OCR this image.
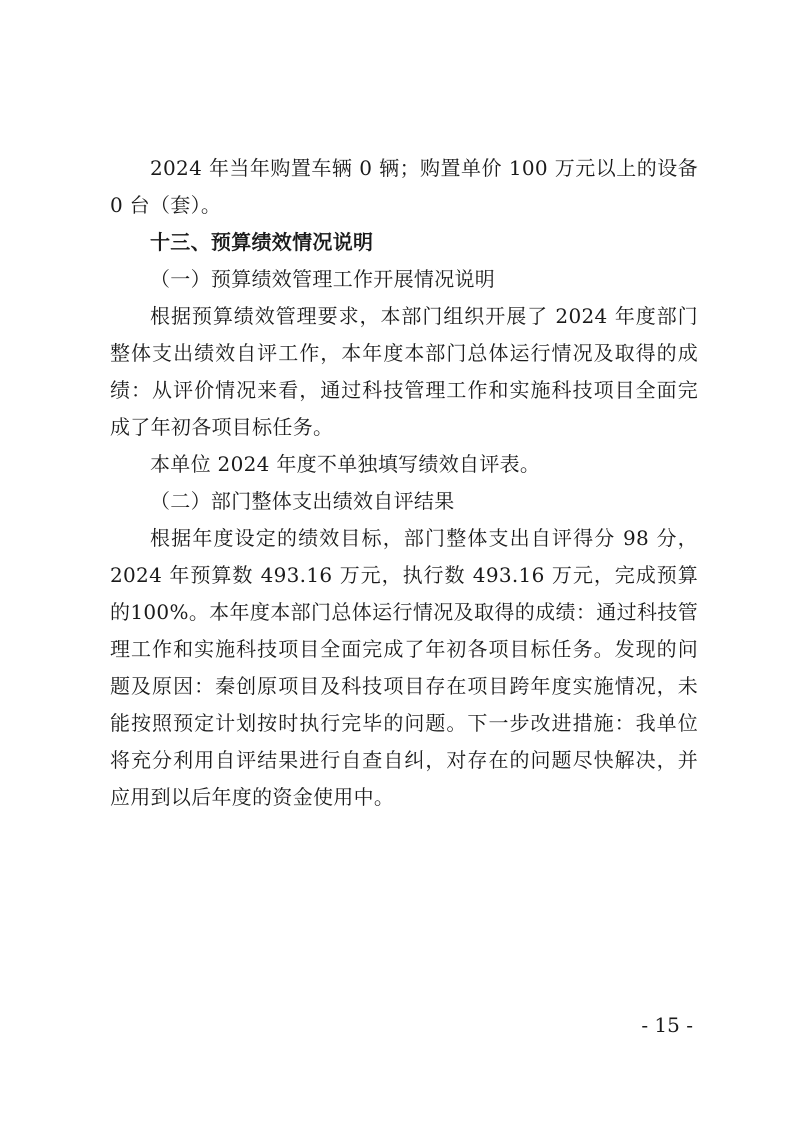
2024 年当年购置车辆 0 辆；购置单价 100 万元以上的设备0 台（套）。

十三、预算绩效情况说明

（一）预算绩效管理工作开展情况说明

根据预算绩效管理要求，本部门组织开展了 2024 年度部门整体支出绩效自评工作，本年度本部门总体运行情况及取得的成绩：从评价情况来看，通过科技管理工作和实施科技项目全面完成了年初各项目标任务。

本单位 2024 年度不单独填写绩效自评表。

（二）部门整体支出绩效自评结果

根据年度设定的绩效目标，部门整体支出自评得分 98 分，2024 年预算数 493.16 万元，执行数 493.16 万元，完成预算的100%。本年度本部门总体运行情况及取得的成绩：通过科技管理工作和实施科技项目全面完成了年初各项目标任务。发现的问题及原因：秦创原项目及科技项目存在项目跨年度实施情况，未能按照预定计划按时执行完毕的问题。下一步改进措施：我单位将充分利用自评结果进行自查自纠，对存在的问题尽快解决，并应用到以后年度的资金使用中。

- 15 -
